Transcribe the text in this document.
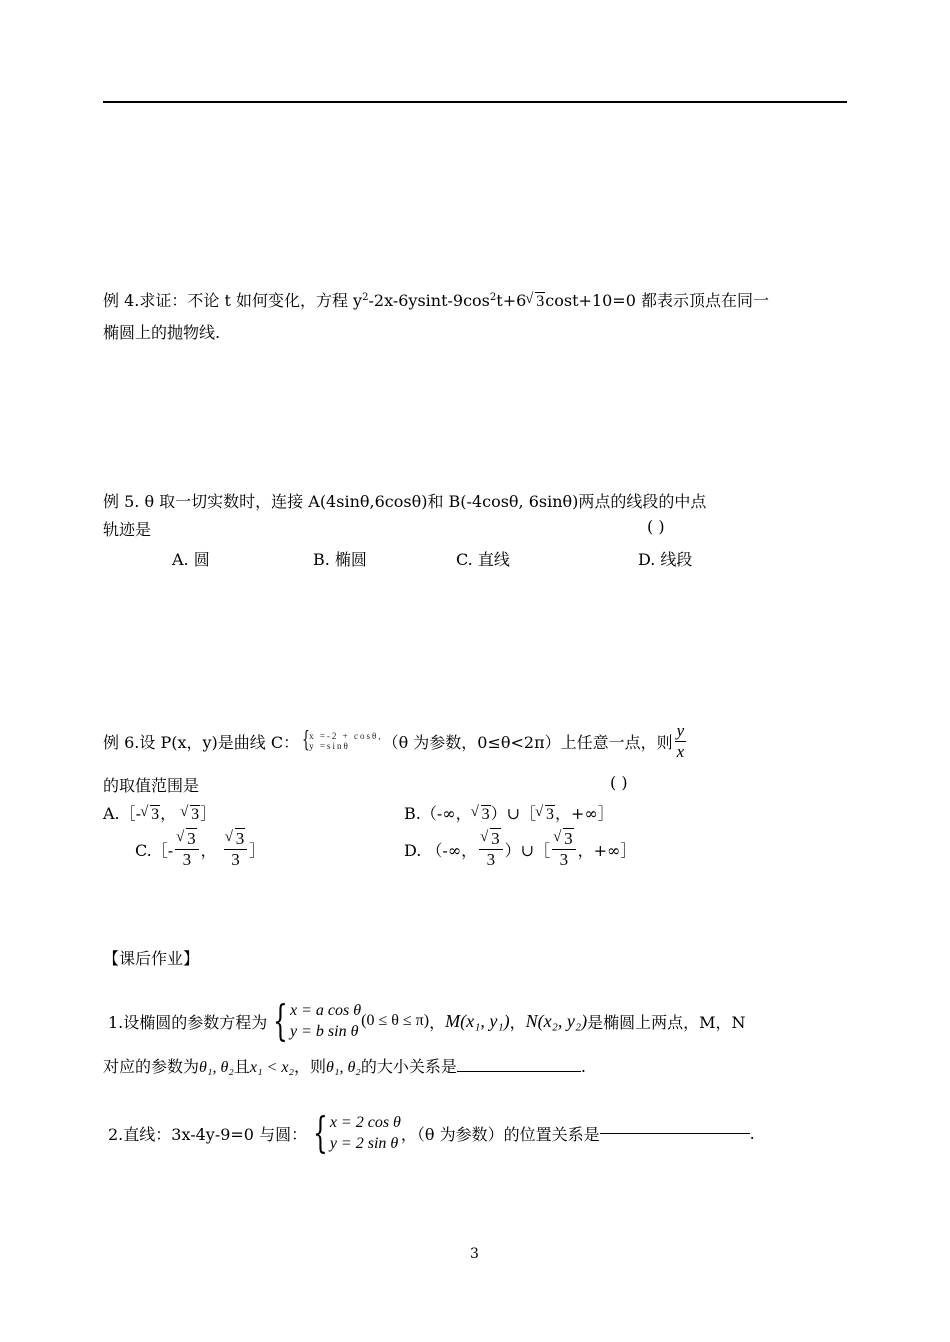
例 4.求证：不论 t 如何变化，方程 $y^2-2x-6ysint-9\cos^2t+6√$ 3cost+10=0 都表示顶点在同一
椭圆上的抛物线.
例 5. θ 取一切实数时，连接 A(4sinθ,6cosθ)和 B(-4cosθ, 6sinθ)两点的线段的中点
轨迹是	( )
A. 圆	B. 椭圆	C. 直线	D. 线段
例 6 .设 P(x，y)是曲线 C： { x =-2 + cosθ,
y =sinθ	（θ 为参数，0≤θ<2π）上任意一点，则 $\frac{y}{x}$
的取值范围是	( )
A.［-√ 3， √ 3］	B.（-∞，√ 3）∪［√ 3，+∞］
C.［-
√ $\frac{3}{3}$ ，

√ $\frac{3}{3}$ ］	D. （-∞，
√ $\frac{3}{3}$ ）∪［
√ $\frac{3}{3}$ ，+∞］
【课后作业】
1.设椭圆的参数方程为 { x = a cos θ
y = b sin θ
(0 ≤ θ ≤ π) ， M(x₁, y₁) ， N(x₂, y₂) 是椭圆上两点，M，N
对应的参数为θ₁, θ₂且x₁ < x₂，则θ₁, θ₂的大小关系是	.
2.直线：3x-4y-9=0 与圆： { x = 2 cos θ
y = 2 sin θ ，（θ 为参数）的位置关系是	.
3
